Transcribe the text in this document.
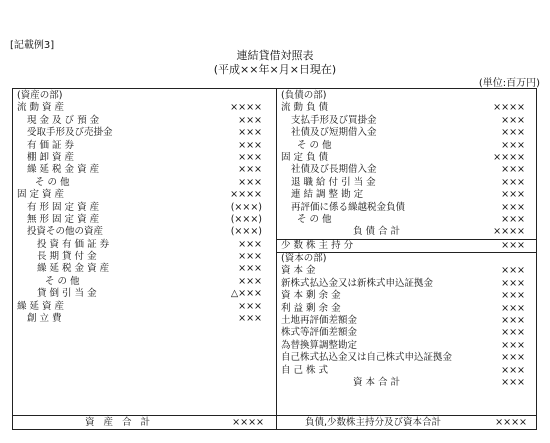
[記載例3]
連結貸借対照表
(平成××年×月×日現在)
(単位:百万円)
(資産の部)
流 動 資 産	××××
現 金 及 び 預 金	×××
受取手形及び売掛金	×××
有 価 証 券	×××
棚 卸 資 産	×××
繰 延 税 金 資 産	×××
そ の 他	×××
固 定 資 産	××××
有 形 固 定 資 産	(×××)
無 形 固 定 資 産	(×××)
投資その他の資産	(×××)
投 資 有 価 証 券	×××
長 期 貸 付 金	×××
繰 延 税 金 資 産	×××
そ の 他	×××
貸 倒 引 当 金	△×××
繰 延 資 産	×××
創 立 費	×××
(負債の部)
流 動 負 債	××××
支払手形及び買掛金	×××
社債及び短期借入金	×××
そ の 他	×××
固 定 負 債	××××
社債及び長期借入金	×××
退 職 給 付 引 当 金	×××
連 結 調 整 勘 定	×××
再評価に係る繰越税金負債	×××
そ の 他	×××
負 債 合 計	××××
少 数 株 主 持 分	×××
(資本の部)
資 本 金	×××
新株式払込金又は新株式申込証拠金	×××
資 本 剰 余 金	×××
利 益 剰 余 金	×××
土地再評価差額金	×××
株式等評価差額金	×××
為替換算調整勘定	×××
自己株式払込金又は自己株式申込証拠金	×××
自 己 株 式	×××
資 本 合 計	×××
資 産 合 計	××××	負債,少数株主持分及び資本合計	××××
